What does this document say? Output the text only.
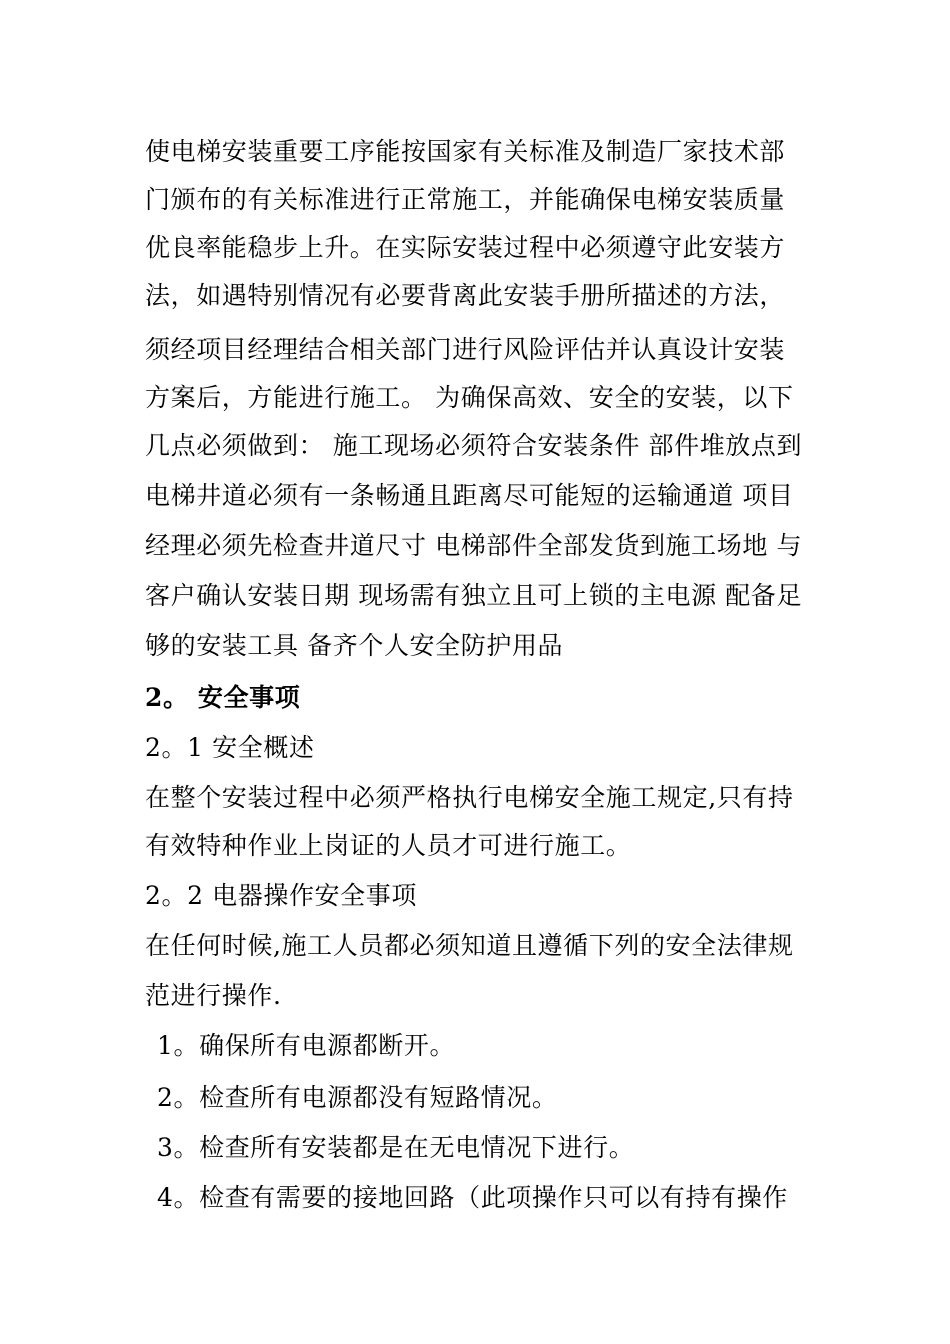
使电梯安装重要工序能按国家有关标准及制造厂家技术部
门颁布的有关标准进行正常施工，并能确保电梯安装质量
优良率能稳步上升。在实际安装过程中必须遵守此安装方
法，如遇特别情况有必要背离此安装手册所描述的方法，
须经项目经理结合相关部门进行风险评估并认真设计安装
方案后，方能进行施工。 为确保高效、安全的安装，以下
几点必须做到： 施工现场必须符合安装条件 部件堆放点到
电梯井道必须有一条畅通且距离尽可能短的运输通道 项目
经理必须先检查井道尺寸 电梯部件全部发货到施工场地 与
客户确认安装日期 现场需有独立且可上锁的主电源 配备足
够的安装工具 备齐个人安全防护用品
2。 安全事项
2。1 安全概述
在整个安装过程中必须严格执行电梯安全施工规定,只有持
有效特种作业上岗证的人员才可进行施工。
2。2 电器操作安全事项
在任何时候,施工人员都必须知道且遵循下列的安全法律规
范进行操作.
1。确保所有电源都断开。
2。检查所有电源都没有短路情况。
3。检查所有安装都是在无电情况下进行。
4。检查有需要的接地回路（此项操作只可以有持有操作
